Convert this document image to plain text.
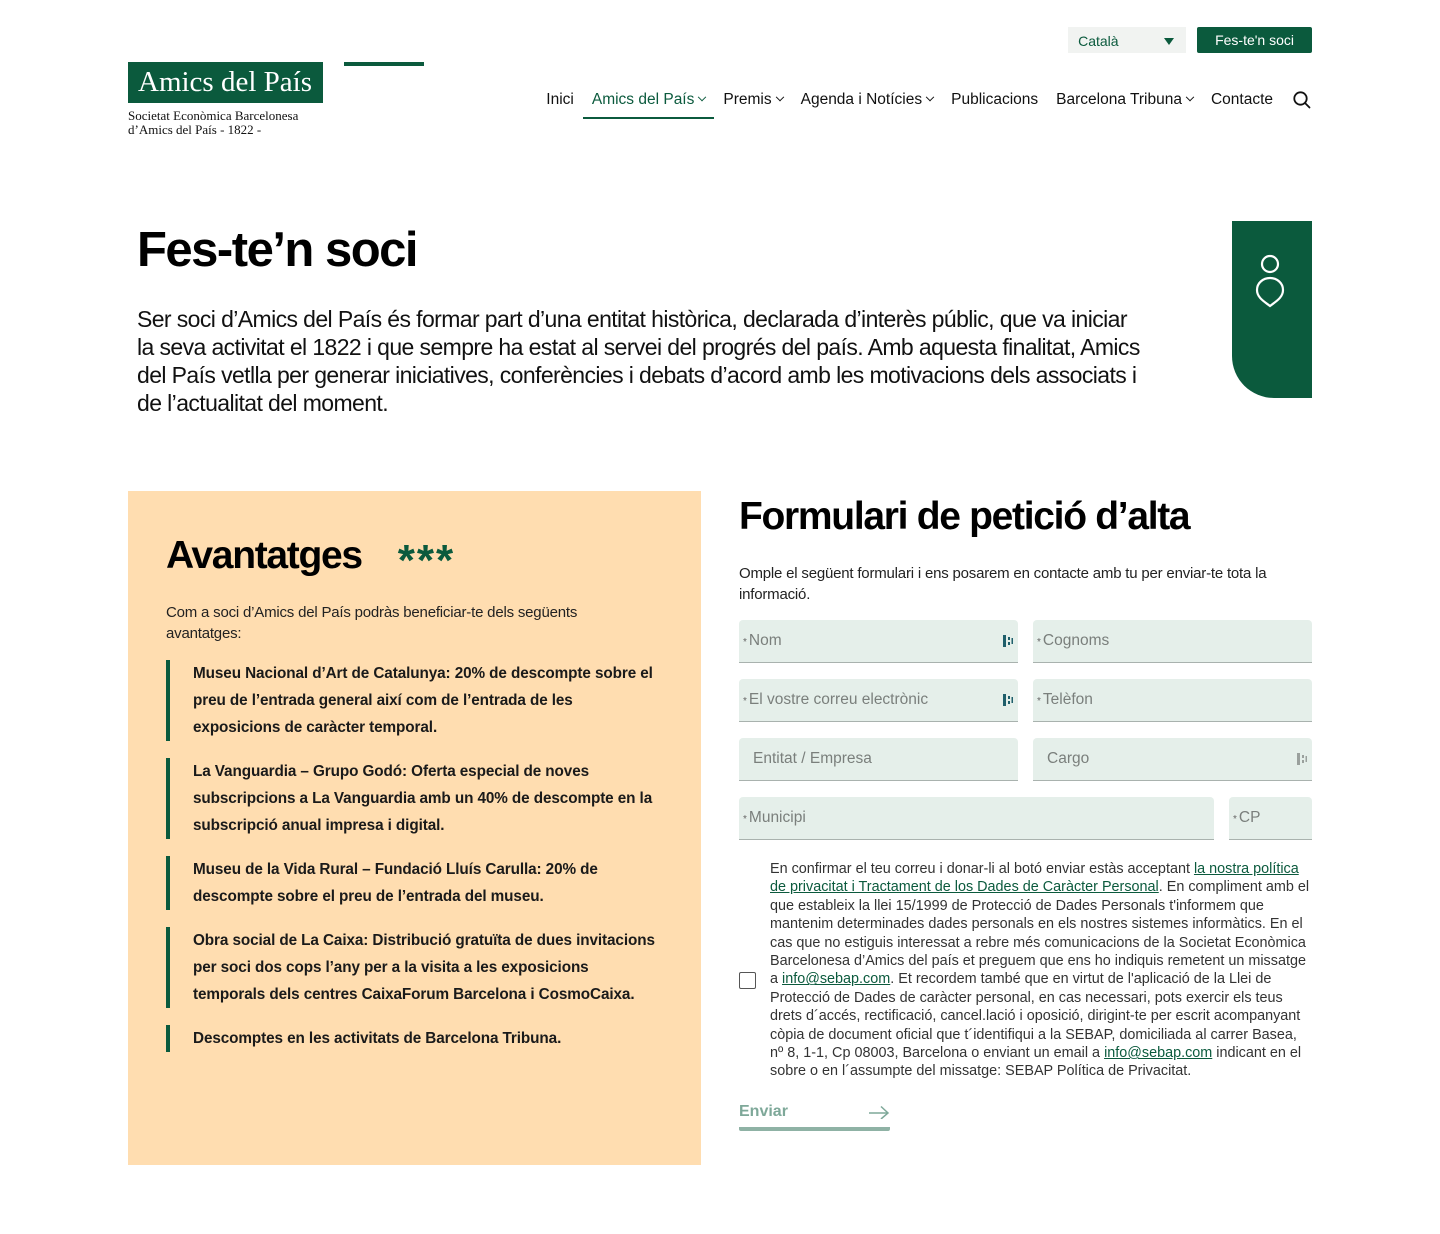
Català	Fes-te'n soci
Amics del País
Societat Econòmica Barcelonesa
d’Amics del País - 1822 -
Inici Amics del País Premis Agenda i Notícies Publicacions Barcelona Tribuna Contacte
Fes-te’n soci

Ser soci d’Amics del País és formar part d’una entitat històrica, declarada d’interès públic, que va iniciar la seva activitat el 1822 i que sempre ha estat al servei del progrés del país. Amb aquesta finalitat, Amics del País vetlla per generar iniciatives, conferències i debats d’acord amb les motivacions dels associats i de l’actualitat del moment.

Avantatges ***

Com a soci d’Amics del País podràs beneficiar-te dels següents avantatges:

Museu Nacional d’Art de Catalunya: 20% de descompte sobre el preu de l’entrada general així com de l’entrada de les exposicions de caràcter temporal.
La Vanguardia – Grupo Godó: Oferta especial de noves subscripcions a La Vanguardia amb un 40% de descompte en la subscripció anual impresa i digital.
Museu de la Vida Rural – Fundació Lluís Carulla: 20% de descompte sobre el preu de l’entrada del museu.
Obra social de La Caixa: Distribució gratuïta de dues invitacions per soci dos cops l’any per a la visita a les exposicions temporals dels centres CaixaForum Barcelona i CosmoCaixa.
Descomptes en les activitats de Barcelona Tribuna.
Formulari de petició d’alta

Omple el següent formulari i ens posarem en contacte amb tu per enviar-te tota la informació.

* Nom	* Cognoms
* El vostre correu electrònic	* Telèfon
Entitat / Empresa	Cargo
* Municipi	* CP

En confirmar el teu correu i donar-li al botó enviar estàs acceptant la nostra política de privacitat i Tractament de los Dades de Caràcter Personal. En compliment amb el que estableix la llei 15/1999 de Protecció de Dades Personals t'informem que mantenim determinades dades personals en els nostres sistemes informàtics. En el cas que no estiguis interessat a rebre més comunicacions de la Societat Econòmica Barcelonesa d’Amics del país et preguem que ens ho indiquis remetent un missatge a info@sebap.com. Et recordem també que en virtut de l'aplicació de la Llei de Protecció de Dades de caràcter personal, en cas necessari, pots exercir els teus drets d´accés, rectificació, cancel.lació i oposició, dirigint-te per escrit acompanyant còpia de document oficial que t´identifiqui a la SEBAP, domiciliada al carrer Basea, nº 8, 1-1, Cp 08003, Barcelona o enviant un email a info@sebap.com indicant en el sobre o en l´assumpte del missatge: SEBAP Política de Privacitat.

Enviar
